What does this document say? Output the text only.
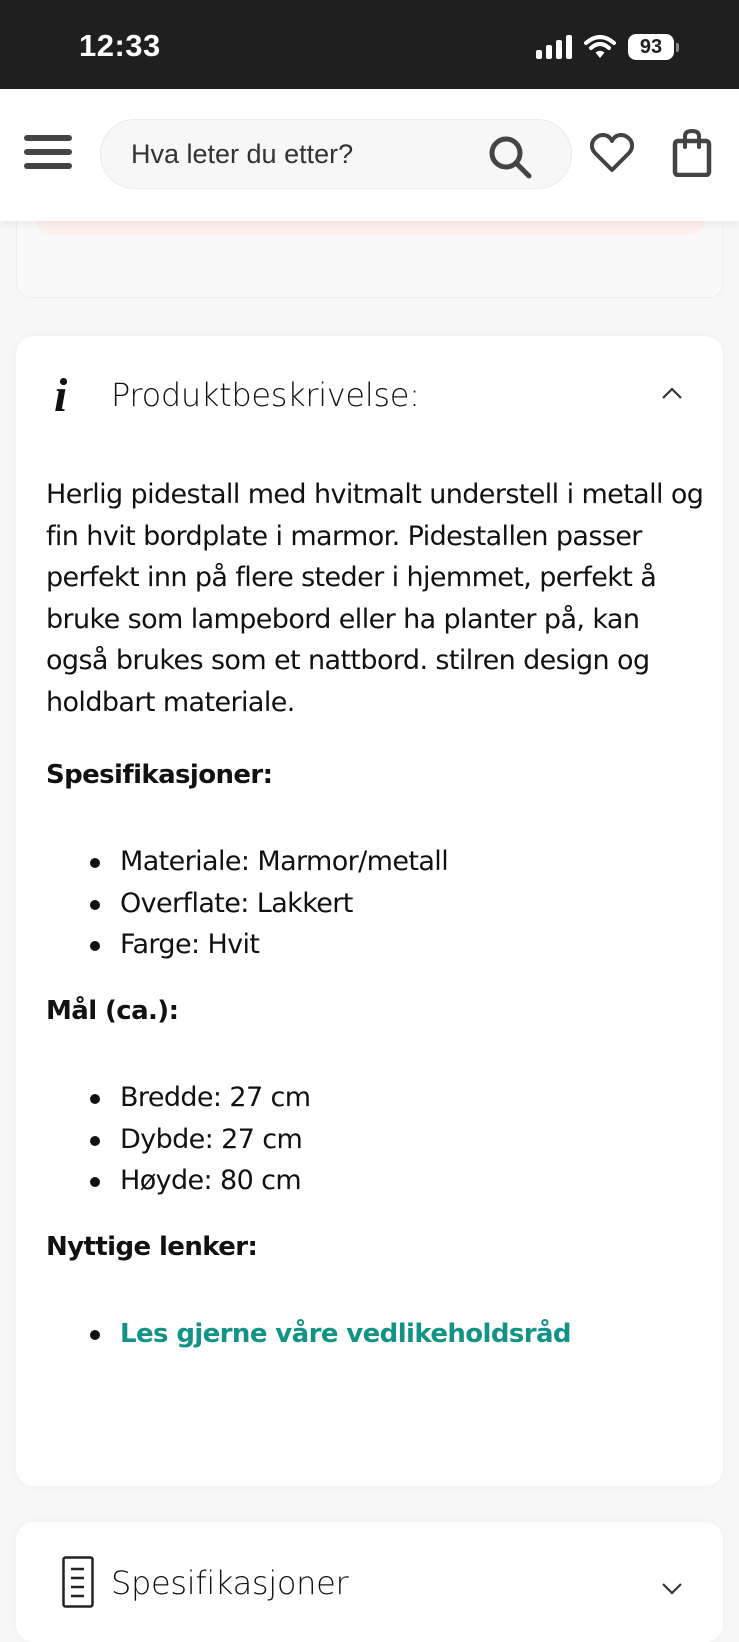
12:33	93
Hva leter du etter?
i Produktbeskrivelse:

Herlig pidestall med hvitmalt understell i metall og fin hvit bordplate i marmor. Pidestallen passer perfekt inn på flere steder i hjemmet, perfekt å bruke som lampebord eller ha planter på, kan også brukes som et nattbord. stilren design og holdbart materiale.

Spesifikasjoner:
Materiale: Marmor/metall
Overflate: Lakkert
Farge: Hvit
Mål (ca.):
Bredde: 27 cm
Dybde: 27 cm
Høyde: 80 cm
Nyttige lenker:
Les gjerne våre vedlikeholdsråd
Spesifikasjoner
